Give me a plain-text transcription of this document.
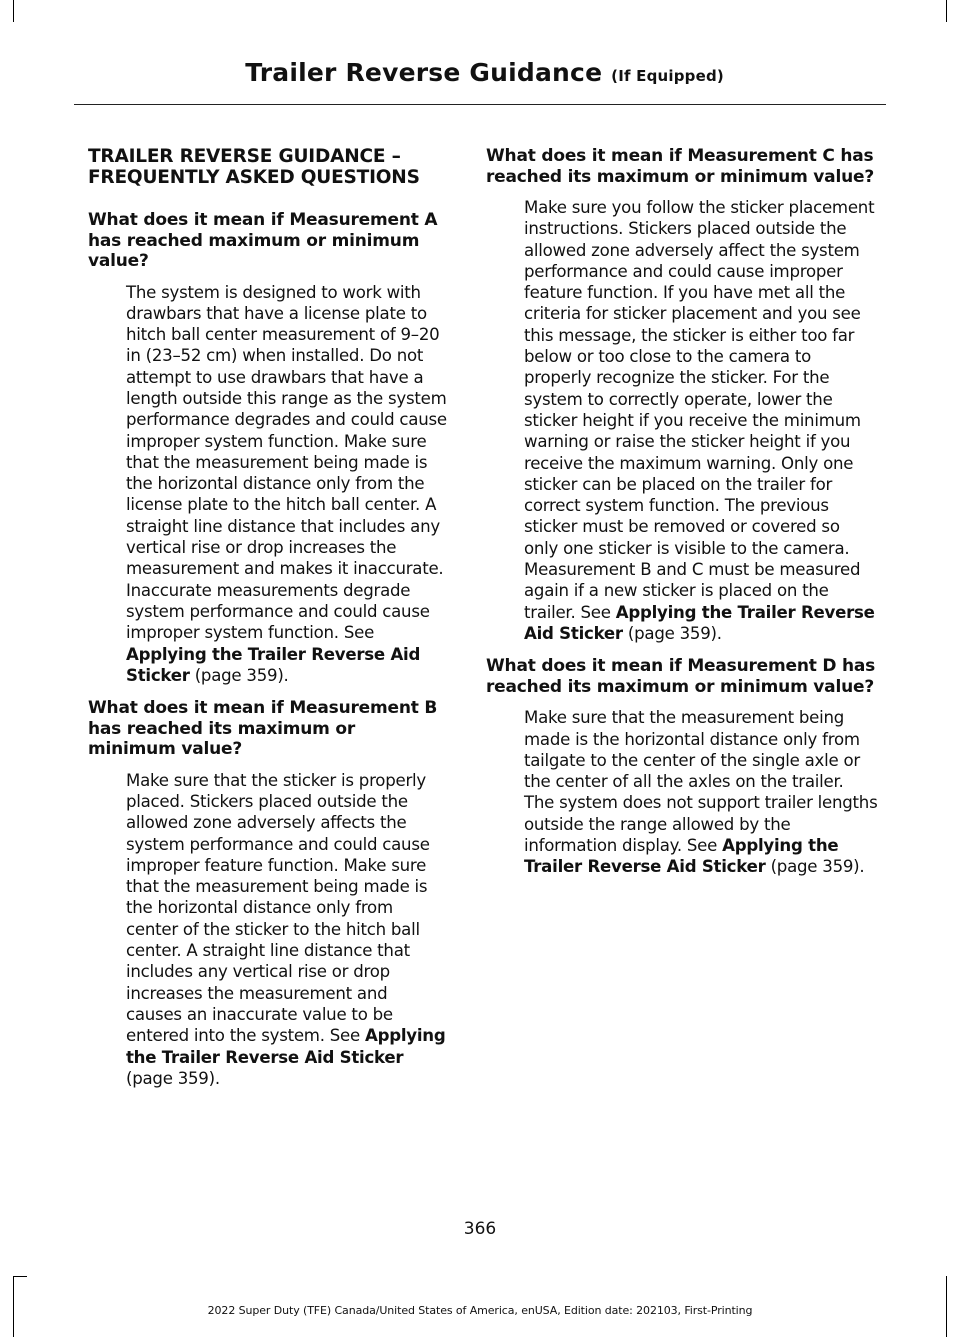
Trailer Reverse Guidance (If Equipped)
TRAILER REVERSE GUIDANCE – FREQUENTLY ASKED QUESTIONS
What does it mean if Measurement A has reached maximum or minimum value?
The system is designed to work with drawbars that have a license plate to hitch ball center measurement of 9–20 in (23–52 cm) when installed. Do not attempt to use drawbars that have a length outside this range as the system performance degrades and could cause improper system function. Make sure that the measurement being made is the horizontal distance only from the license plate to the hitch ball center. A straight line distance that includes any vertical rise or drop increases the measurement and makes it inaccurate. Inaccurate measurements degrade system performance and could cause improper system function. See Applying the Trailer Reverse Aid Sticker (page 359).
What does it mean if Measurement B has reached its maximum or minimum value?
Make sure that the sticker is properly placed. Stickers placed outside the allowed zone adversely affects the system performance and could cause improper feature function. Make sure that the measurement being made is the horizontal distance only from center of the sticker to the hitch ball center. A straight line distance that includes any vertical rise or drop increases the measurement and causes an inaccurate value to be entered into the system. See Applying the Trailer Reverse Aid Sticker (page 359).
What does it mean if Measurement C has reached its maximum or minimum value?
Make sure you follow the sticker placement instructions. Stickers placed outside the allowed zone adversely affect the system performance and could cause improper feature function. If you have met all the criteria for sticker placement and you see this message, the sticker is either too far below or too close to the camera to properly recognize the sticker. For the system to correctly operate, lower the sticker height if you receive the minimum warning or raise the sticker height if you receive the maximum warning. Only one sticker can be placed on the trailer for correct system function. The previous sticker must be removed or covered so only one sticker is visible to the camera. Measurement B and C must be measured again if a new sticker is placed on the trailer. See Applying the Trailer Reverse Aid Sticker (page 359).
What does it mean if Measurement D has reached its maximum or minimum value?
Make sure that the measurement being made is the horizontal distance only from tailgate to the center of the single axle or the center of all the axles on the trailer. The system does not support trailer lengths outside the range allowed by the information display. See Applying the Trailer Reverse Aid Sticker (page 359).
366
2022 Super Duty (TFE) Canada/United States of America, enUSA, Edition date: 202103, First-Printing
